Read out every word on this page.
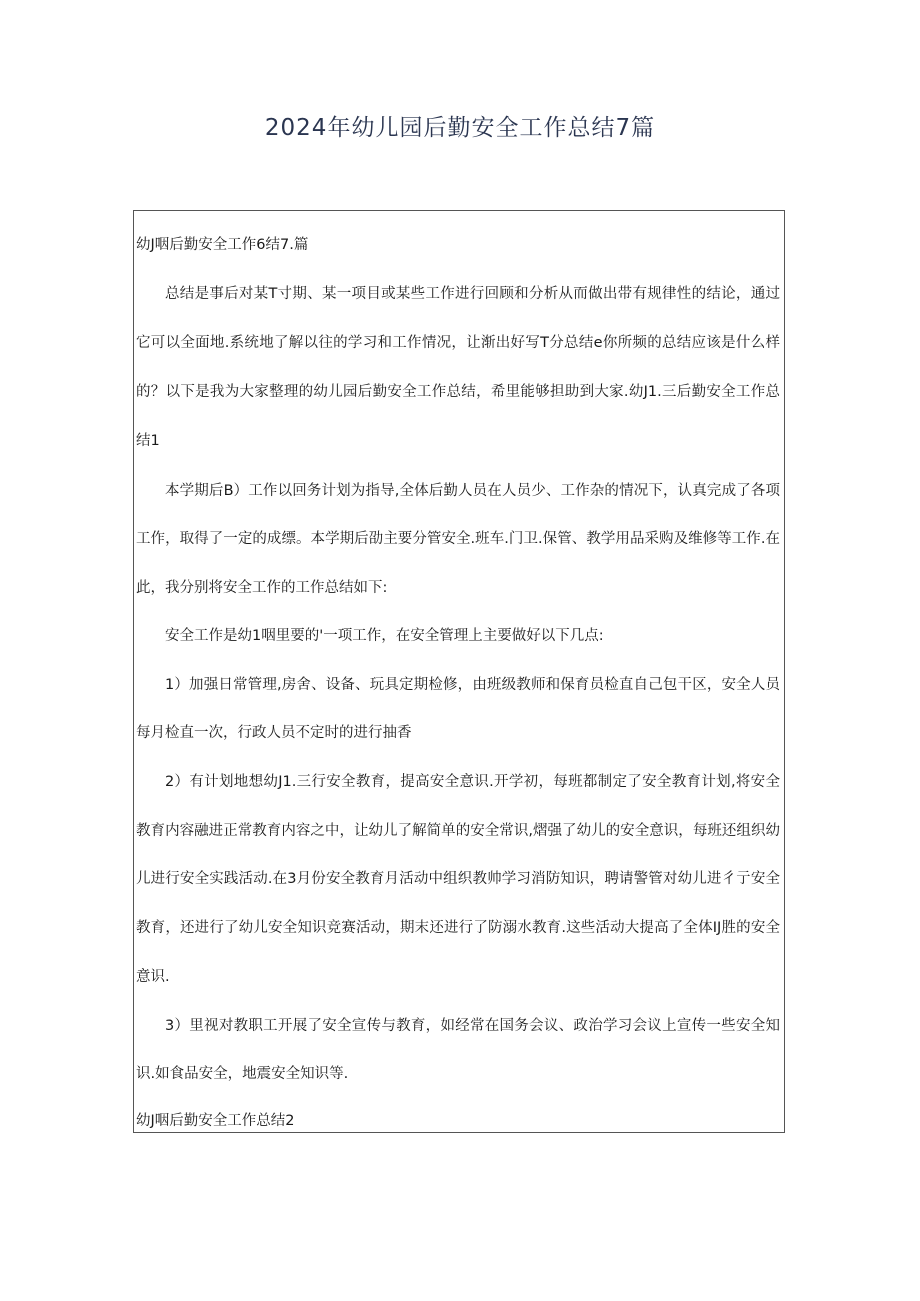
2024年幼儿园后勤安全工作总结7篇
幼J咽后勤安全工作6结7.篇
总结是事后对某T寸期、某一项目或某些工作进行回顾和分析从而做出带有规律性的结论，通过
它可以全面地.系统地了解以往的学习和工作情况，让渐出好写T分总结e你所频的总结应该是什么样
的？以下是我为大家整理的幼儿园后勤安全工作总结，希里能够担助到大家.幼J1.三后勤安全工作总
结1
本学期后B）工作以回务计划为指导,全体后勤人员在人员少、工作杂的情况下，认真完成了各项
工作，取得了一定的成缥。本学期后劭主要分管安全.班车.门卫.保管、教学用品采购及维修等工作.在
此，我分别将安全工作的工作总结如下:
安全工作是幼1咽里要的'一项工作，在安全管理上主要做好以下几点:
1）加强日常管理,房舍、设备、玩具定期检修，由班级教师和保育员检直自己包干区，安全人员
每月检直一次，行政人员不定时的进行抽香
2）有计划地想幼J1.三行安全教育，提高安全意识.开学初，每班都制定了安全教育计划,将安全
教育内容融进正常教育内容之中，让幼儿了解简单的安全常识,熠强了幼儿的安全意识，每班还组织幼
儿进行安全实践活动.在3月份安全教育月活动中组织教帅学习消防知识，聘请警管对幼儿进彳亍安全
教育，还进行了幼儿安全知识竞赛活动，期末还进行了防溺水教育.这些活动大提高了全体IJ胜的安全
意识.
3）里视对教职工开展了安全宣传与教育，如经常在国务会议、政治学习会议上宣传一些安全知
识.如食品安全，地震安全知识等.
幼J咽后勤安全工作总结2
